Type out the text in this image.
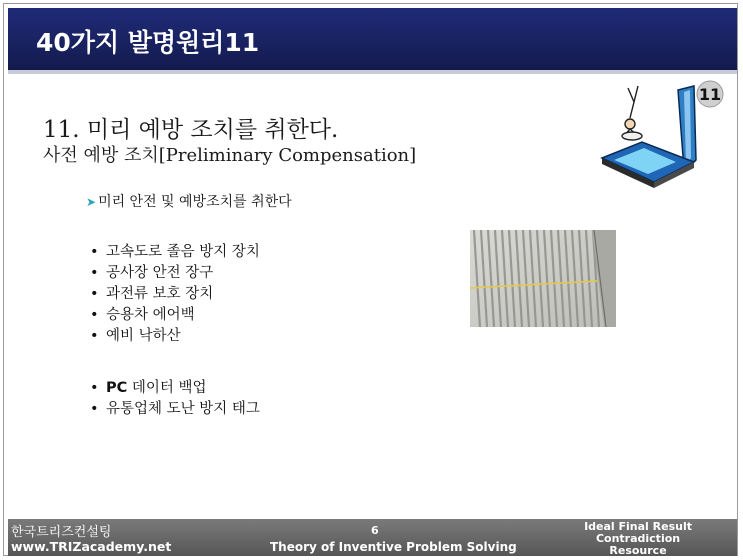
40가지 발명원리11
11. 미리 예방 조치를 취한다.
사전 예방 조치[Preliminary Compensation]
11
➤ 미리 안전 및 예방조치를 취한다
• 고속도로 졸음 방지 장치
• 공사장 안전 장구
• 과전류 보호 장치
• 승용차 에어백
• 예비 낙하산
• PC 데이터 백업
• 유통업체 도난 방지 태그
한국트리즈컨설팅
www.TRIZacademy.net
6
Theory of Inventive Problem Solving
Ideal Final Result
Contradiction
Resource
